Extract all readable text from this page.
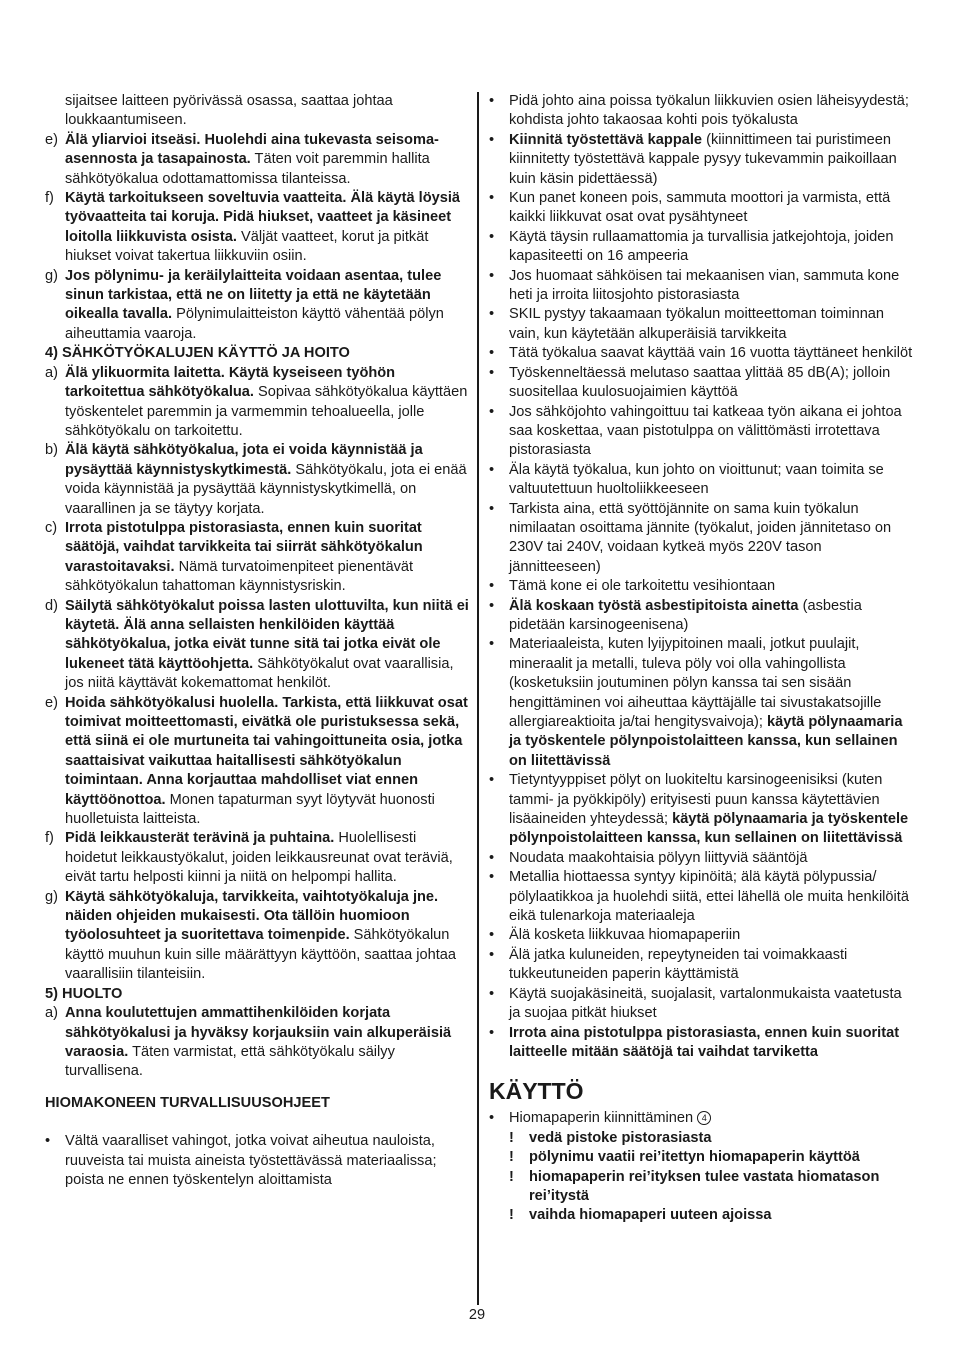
sijaitsee laitteen pyörivässä osassa, saattaa johtaa loukkaantumiseen.
e) Älä yliarvioi itseäsi. Huolehdi aina tukevasta seisoma-asennosta ja tasapainosta. Täten voit paremmin hallita sähkötyökalua odottamattomissa tilanteissa.
f) Käytä tarkoitukseen soveltuvia vaatteita. Älä käytä löysiä työvaatteita tai koruja. Pidä hiukset, vaatteet ja käsineet loitolla liikkuvista osista. Väljät vaatteet, korut ja pitkät hiukset voivat takertua liikkuviin osiin.
g) Jos pölynimu- ja keräilylaitteita voidaan asentaa, tulee sinun tarkistaa, että ne on liitetty ja että ne käytetään oikealla tavalla. Pölynimulaitteiston käyttö vähentää pölyn aiheuttamia vaaroja.
4) SÄHKÖTYÖKALUJEN KÄYTTÖ JA HOITO
a) Älä ylikuormita laitetta. Käytä kyseiseen työhön tarkoitettua sähkötyökalua. Sopivaa sähkötyökalua käyttäen työskentelet paremmin ja varmemmin tehoalueella, jolle sähkötyökalu on tarkoitettu.
b) Älä käytä sähkötyökalua, jota ei voida käynnistää ja pysäyttää käynnistyskytkimestä. Sähkötyökalu, jota ei enää voida käynnistää ja pysäyttää käynnistyskytkimellä, on vaarallinen ja se täytyy korjata.
c) Irrota pistotulppa pistorasiasta, ennen kuin suoritat säätöjä, vaihdat tarvikkeita tai siirrät sähkötyökalun varastoitavaksi. Nämä turvatoimenpiteet pienentävät sähkötyökalun tahattoman käynnistysriskin.
d) Säilytä sähkötyökalut poissa lasten ulottuvilta, kun niitä ei käytetä. Älä anna sellaisten henkilöiden käyttää sähkötyökalua, jotka eivät tunne sitä tai jotka eivät ole lukeneet tätä käyttöohjetta. Sähkötyökalut ovat vaarallisia, jos niitä käyttävät kokemattomat henkilöt.
e) Hoida sähkötyökalusi huolella. Tarkista, että liikkuvat osat toimivat moitteettomasti, eivätkä ole puristuksessa sekä, että siinä ei ole murtuneita tai vahingoittuneita osia, jotka saattaisivat vaikuttaa haitallisesti sähkötyökalun toimintaan. Anna korjauttaa mahdolliset viat ennen käyttöönottoa. Monen tapaturman syyt löytyvät huonosti huolletuista laitteista.
f) Pidä leikkausterät terävinä ja puhtaina. Huolellisesti hoidetut leikkaustyökalut, joiden leikkausreunat ovat teräviä, eivät tartu helposti kiinni ja niitä on helpompi hallita.
g) Käytä sähkötyökaluja, tarvikkeita, vaihtotyökaluja jne. näiden ohjeiden mukaisesti. Ota tällöin huomioon työolosuhteet ja suoritettava toimenpide. Sähkötyökalun käyttö muuhun kuin sille määrättyyn käyttöön, saattaa johtaa vaarallisiin tilanteisiin.
5) HUOLTO
a) Anna koulutettujen ammattihenkilöiden korjata sähkötyökalusi ja hyväksy korjauksiin vain alkuperäisiä varaosia. Täten varmistat, että sähkötyökalu säilyy turvallisena.
HIOMAKONEEN TURVALLISUUSOHJEET
•	Vältä vaaralliset vahingot, jotka voivat aiheutua nauloista, ruuveista tai muista aineista työstettävässä materiaalissa; poista ne ennen työskentelyn aloittamista
•	Pidä johto aina poissa työkalun liikkuvien osien läheisyydestä; kohdista johto takaosaa kohti pois työkalusta
•	Kiinnitä työstettävä kappale (kiinnittimeen tai puristimeen kiinnitetty työstettävä kappale pysyy tukevammin paikoillaan kuin käsin pidettäessä)
•	Kun panet koneen pois, sammuta moottori ja varmista, että kaikki liikkuvat osat ovat pysähtyneet
•	Käytä täysin rullaamattomia ja turvallisia jatkejohtoja, joiden kapasiteetti on 16 ampeeria
•	Jos huomaat sähköisen tai mekaanisen vian, sammuta kone heti ja irroita liitosjohto pistorasiasta
•	SKIL pystyy takaamaan työkalun moitteettoman toiminnan vain, kun käytetään alkuperäisiä tarvikkeita
•	Tätä työkalua saavat käyttää vain 16 vuotta täyttäneet henkilöt
•	Työskenneltäessä melutaso saattaa ylittää 85 dB(A); jolloin suositellaa kuulosuojaimien käyttöä
•	Jos sähköjohto vahingoittuu tai katkeaa työn aikana ei johtoa saa koskettaa, vaan pistotulppa on välittömästi irrotettava pistorasiasta
•	Äla käytä työkalua, kun johto on vioittunut; vaan toimita se valtuutettuun huoltoliikkeeseen
•	Tarkista aina, että syöttöjännite on sama kuin työkalun nimilaatan osoittama jännite (työkalut, joiden jännitetaso on 230V tai 240V, voidaan kytkeä myös 220V tason jännitteeseen)
•	Tämä kone ei ole tarkoitettu vesihiontaan
•	Älä koskaan työstä asbestipitoista ainetta (asbestia pidetään karsinogeenisena)
•	Materiaaleista, kuten lyijypitoinen maali, jotkut puulajit, mineraalit ja metalli, tuleva pöly voi olla vahingollista (kosketuksiin joutuminen pölyn kanssa tai sen sisään hengittäminen voi aiheuttaa käyttäjälle tai sivustakatsojille allergiareaktioita ja/tai hengitysvaivoja); käytä pölynaamaria ja työskentele pölynpoistolaitteen kanssa, kun sellainen on liitettävissä
•	Tietyntyyppiset pölyt on luokiteltu karsinogeenisiksi (kuten tammi- ja pyökkipöly) erityisesti puun kanssa käytettävien lisäaineiden yhteydessä; käytä pölynaamaria ja työskentele pölynpoistolaitteen kanssa, kun sellainen on liitettävissä
•	Noudata maakohtaisia pölyyn liittyviä sääntöjä
•	Metallia hiottaessa syntyy kipinöitä; älä käytä pölypussia/ pölylaatikkoa ja huolehdi siitä, ettei lähellä ole muita henkilöitä eikä tulenarkoja materiaaleja
•	Älä kosketa liikkuvaa hiomapaperiin
•	Älä jatka kuluneiden, repeytyneiden tai voimakkaasti tukkeutuneiden paperin käyttämistä
•	Käytä suojakäsineitä, suojalasit, vartalonmukaista vaatetusta ja suojaa pitkät hiukset
•	Irrota aina pistotulppa pistorasiasta, ennen kuin suoritat laitteelle mitään säätöjä tai vaihdat tarviketta
KÄYTTÖ
•	Hiomapaperin kiinnittäminen 4
!	vedä pistoke pistorasiasta
!	pölynimu vaatii rei’itettyn hiomapaperin käyttöä
!	hiomapaperin rei’ityksen tulee vastata hiomatason rei’itystä
!	vaihda hiomapaperi uuteen ajoissa
29
